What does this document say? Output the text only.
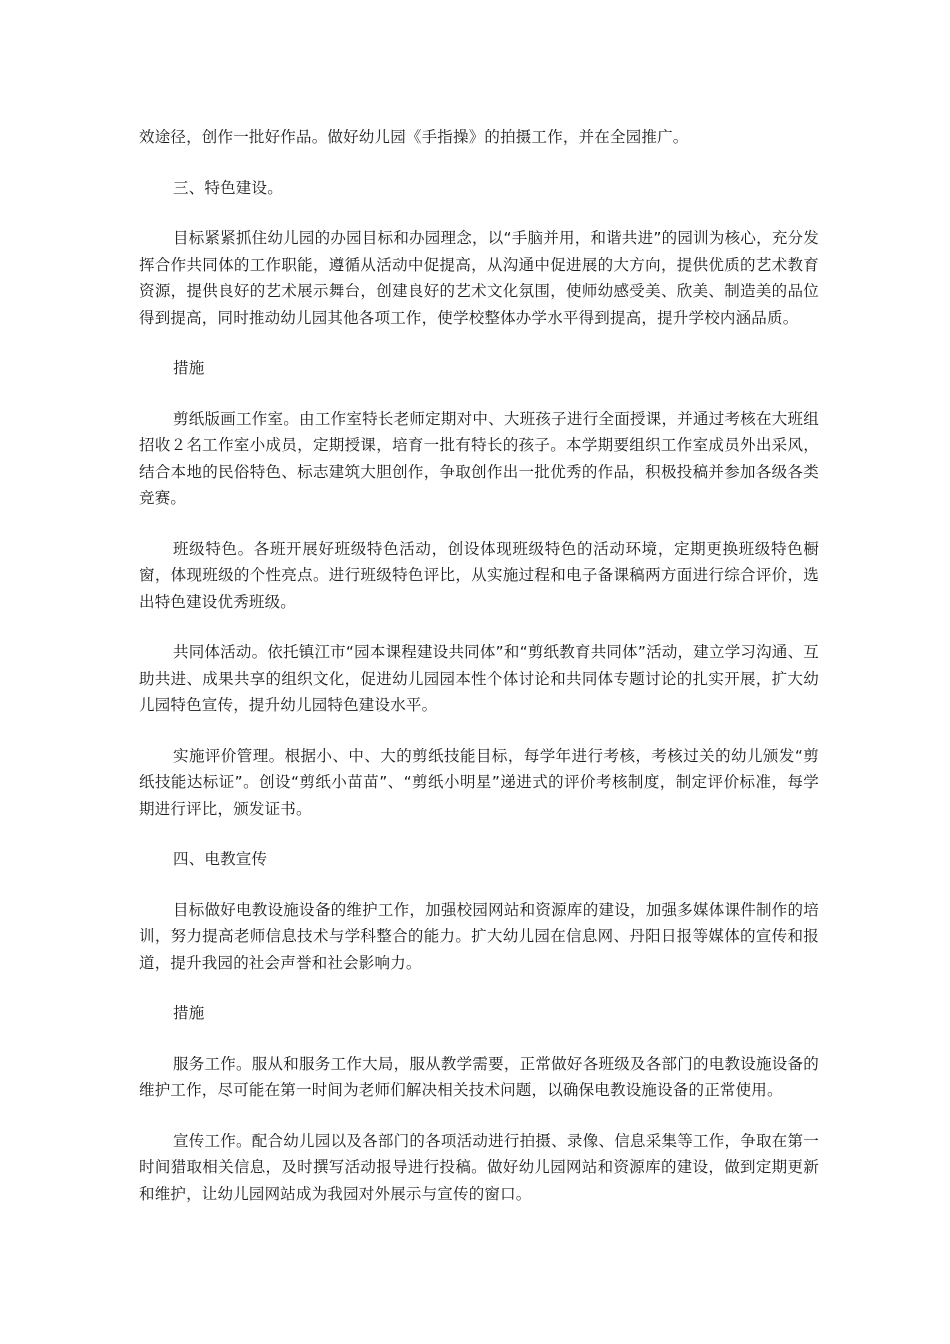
效途径，创作一批好作品。做好幼儿园《手指操》的拍摄工作，并在全园推广。

三、特色建设。

目标紧紧抓住幼儿园的办园目标和办园理念，以“手脑并用，和谐共进”的园训为核心，充分发挥合作共同体的工作职能，遵循从活动中促提高，从沟通中促进展的大方向，提供优质的艺术教育资源，提供良好的艺术展示舞台，创建良好的艺术文化氛围，使师幼感受美、欣美、制造美的品位得到提高，同时推动幼儿园其他各项工作，使学校整体办学水平得到提高，提升学校内涵品质。

措施

剪纸版画工作室。由工作室特长老师定期对中、大班孩子进行全面授课，并通过考核在大班组招收２名工作室小成员，定期授课，培育一批有特长的孩子。本学期要组织工作室成员外出采风，结合本地的民俗特色、标志建筑大胆创作，争取创作出一批优秀的作品，积极投稿并参加各级各类竞赛。

班级特色。各班开展好班级特色活动，创设体现班级特色的活动环境，定期更换班级特色橱窗，体现班级的个性亮点。进行班级特色评比，从实施过程和电子备课稿两方面进行综合评价，选出特色建设优秀班级。

共同体活动。依托镇江市“园本课程建设共同体”和“剪纸教育共同体”活动，建立学习沟通、互助共进、成果共享的组织文化，促进幼儿园园本性个体讨论和共同体专题讨论的扎实开展，扩大幼儿园特色宣传，提升幼儿园特色建设水平。

实施评价管理。根据小、中、大的剪纸技能目标，每学年进行考核，考核过关的幼儿颁发“剪纸技能达标证”。创设“剪纸小苗苗”、“剪纸小明星”递进式的评价考核制度，制定评价标准，每学期进行评比，颁发证书。

四、电教宣传

目标做好电教设施设备的维护工作，加强校园网站和资源库的建设，加强多媒体课件制作的培训，努力提高老师信息技术与学科整合的能力。扩大幼儿园在信息网、丹阳日报等媒体的宣传和报道，提升我园的社会声誉和社会影响力。

措施

服务工作。服从和服务工作大局，服从教学需要，正常做好各班级及各部门的电教设施设备的维护工作，尽可能在第一时间为老师们解决相关技术问题，以确保电教设施设备的正常使用。

宣传工作。配合幼儿园以及各部门的各项活动进行拍摄、录像、信息采集等工作，争取在第一时间猎取相关信息，及时撰写活动报导进行投稿。做好幼儿园网站和资源库的建设，做到定期更新和维护，让幼儿园网站成为我园对外展示与宣传的窗口。
